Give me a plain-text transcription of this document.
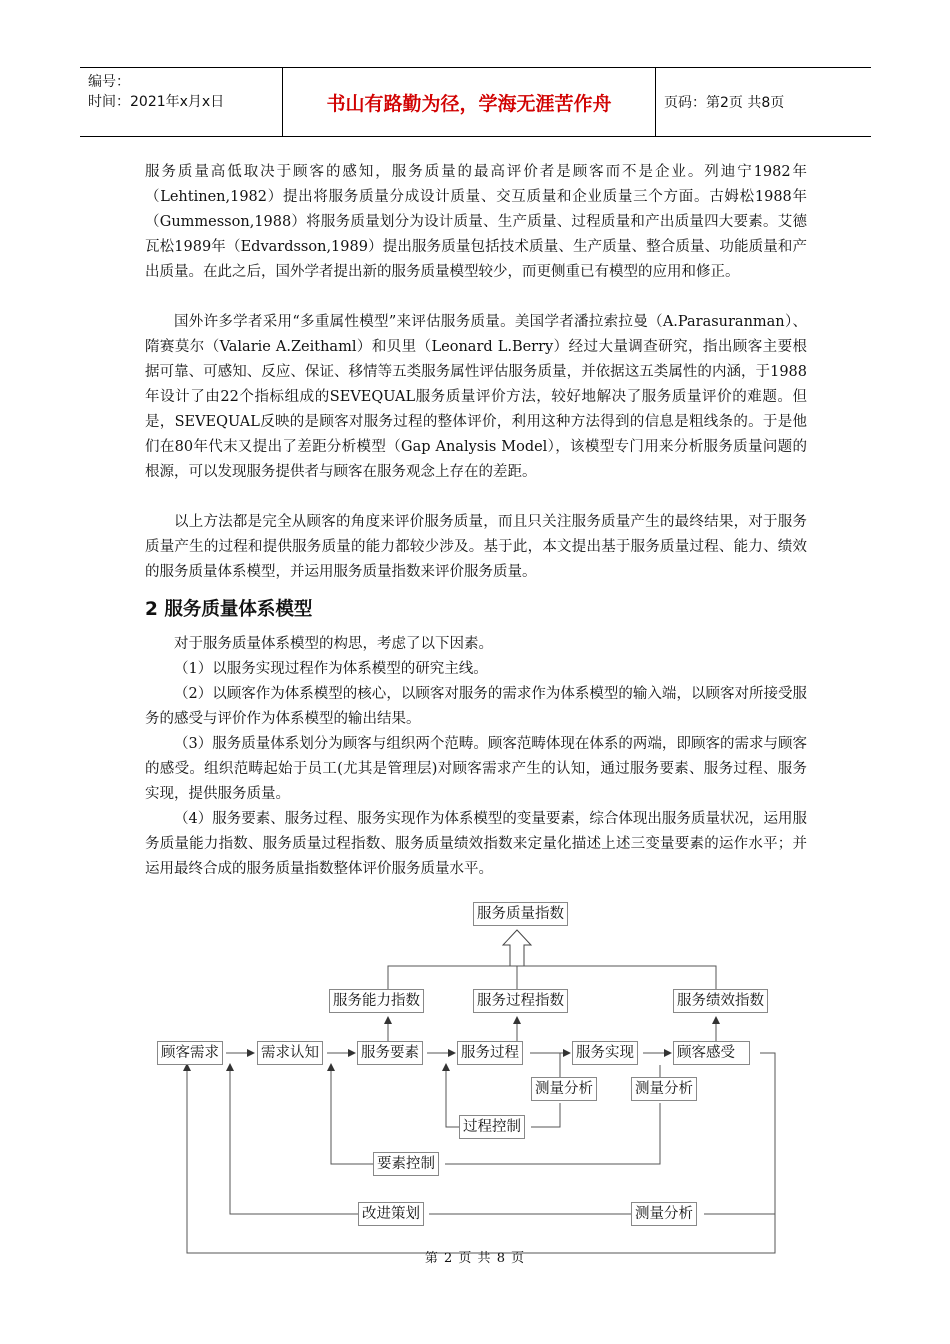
编号：
时间：2021年x月x日	书山有路勤为径，学海无涯苦作舟	页码：第2页 共8页

服务质量高低取决于顾客的感知，服务质量的最高评价者是顾客而不是企业。列迪宁1982年（Lehtinen,1982）提出将服务质量分成设计质量、交互质量和企业质量三个方面。古姆松1988年（Gummesson,1988）将服务质量划分为设计质量、生产质量、过程质量和产出质量四大要素。艾德瓦松1989年（Edvardsson,1989）提出服务质量包括技术质量、生产质量、整合质量、功能质量和产出质量。在此之后，国外学者提出新的服务质量模型较少，而更侧重已有模型的应用和修正。

国外许多学者采用“多重属性模型”来评估服务质量。美国学者潘拉索拉曼（A.Parasuranman）、隋赛莫尔（Valarie A.Zeithaml）和贝里（Leonard L.Berry）经过大量调查研究，指出顾客主要根据可靠、可感知、反应、保证、移情等五类服务属性评估服务质量，并依据这五类属性的内涵，于1988年设计了由22个指标组成的SEVEQUAL服务质量评价方法，较好地解决了服务质量评价的难题。但是，SEVEQUAL反映的是顾客对服务过程的整体评价，利用这种方法得到的信息是粗线条的。于是他们在80年代末又提出了差距分析模型（Gap Analysis Model），该模型专门用来分析服务质量问题的根源，可以发现服务提供者与顾客在服务观念上存在的差距。

以上方法都是完全从顾客的角度来评价服务质量，而且只关注服务质量产生的最终结果，对于服务质量产生的过程和提供服务质量的能力都较少涉及。基于此，本文提出基于服务质量过程、能力、绩效的服务质量体系模型，并运用服务质量指数来评价服务质量。

2 服务质量体系模型

对于服务质量体系模型的构思，考虑了以下因素。

（1）以服务实现过程作为体系模型的研究主线。

（2）以顾客作为体系模型的核心，以顾客对服务的需求作为体系模型的输入端，以顾客对所接受服务的感受与评价作为体系模型的输出结果。

（3）服务质量体系划分为顾客与组织两个范畴。顾客范畴体现在体系的两端，即顾客的需求与顾客的感受。组织范畴起始于员工(尤其是管理层)对顾客需求产生的认知，通过服务要素、服务过程、服务实现，提供服务质量。

（4）服务要素、服务过程、服务实现作为体系模型的变量要素，综合体现出服务质量状况，运用服务质量能力指数、服务质量过程指数、服务质量绩效指数来定量化描述上述三变量要素的运作水平；并运用最终合成的服务质量指数整体评价服务质量水平。

服务质量指数
服务能力指数	服务过程指数	服务绩效指数
顾客需求	需求认知	服务要素	服务过程	服务实现	顾客感受
测量分析	测量分析
过程控制
要素控制
改进策划	测量分析
第 2 页 共 8 页
